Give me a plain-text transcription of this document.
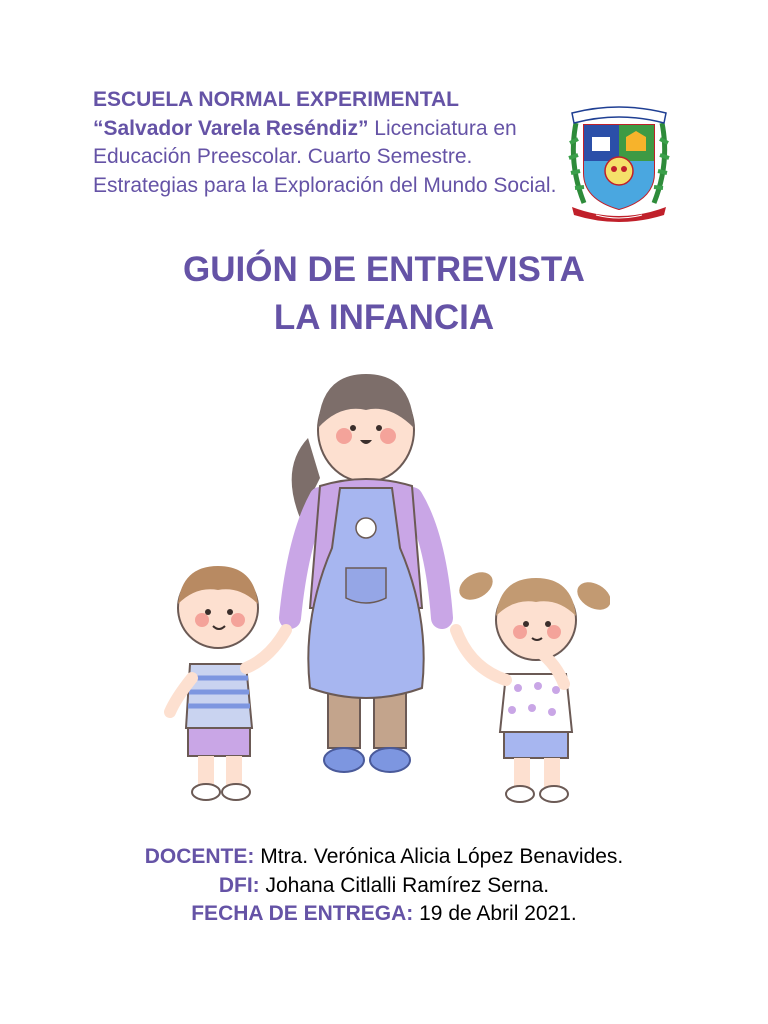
ESCUELA NORMAL EXPERIMENTAL
“Salvador Varela Reséndiz” Licenciatura en Educación Preescolar. Cuarto Semestre. Estrategias para la Exploración del Mundo Social.
GUIÓN DE ENTREVISTA
LA INFANCIA
DOCENTE: Mtra. Verónica Alicia López Benavides.
DFI: Johana Citlalli Ramírez Serna.
FECHA DE ENTREGA: 19 de Abril 2021.
